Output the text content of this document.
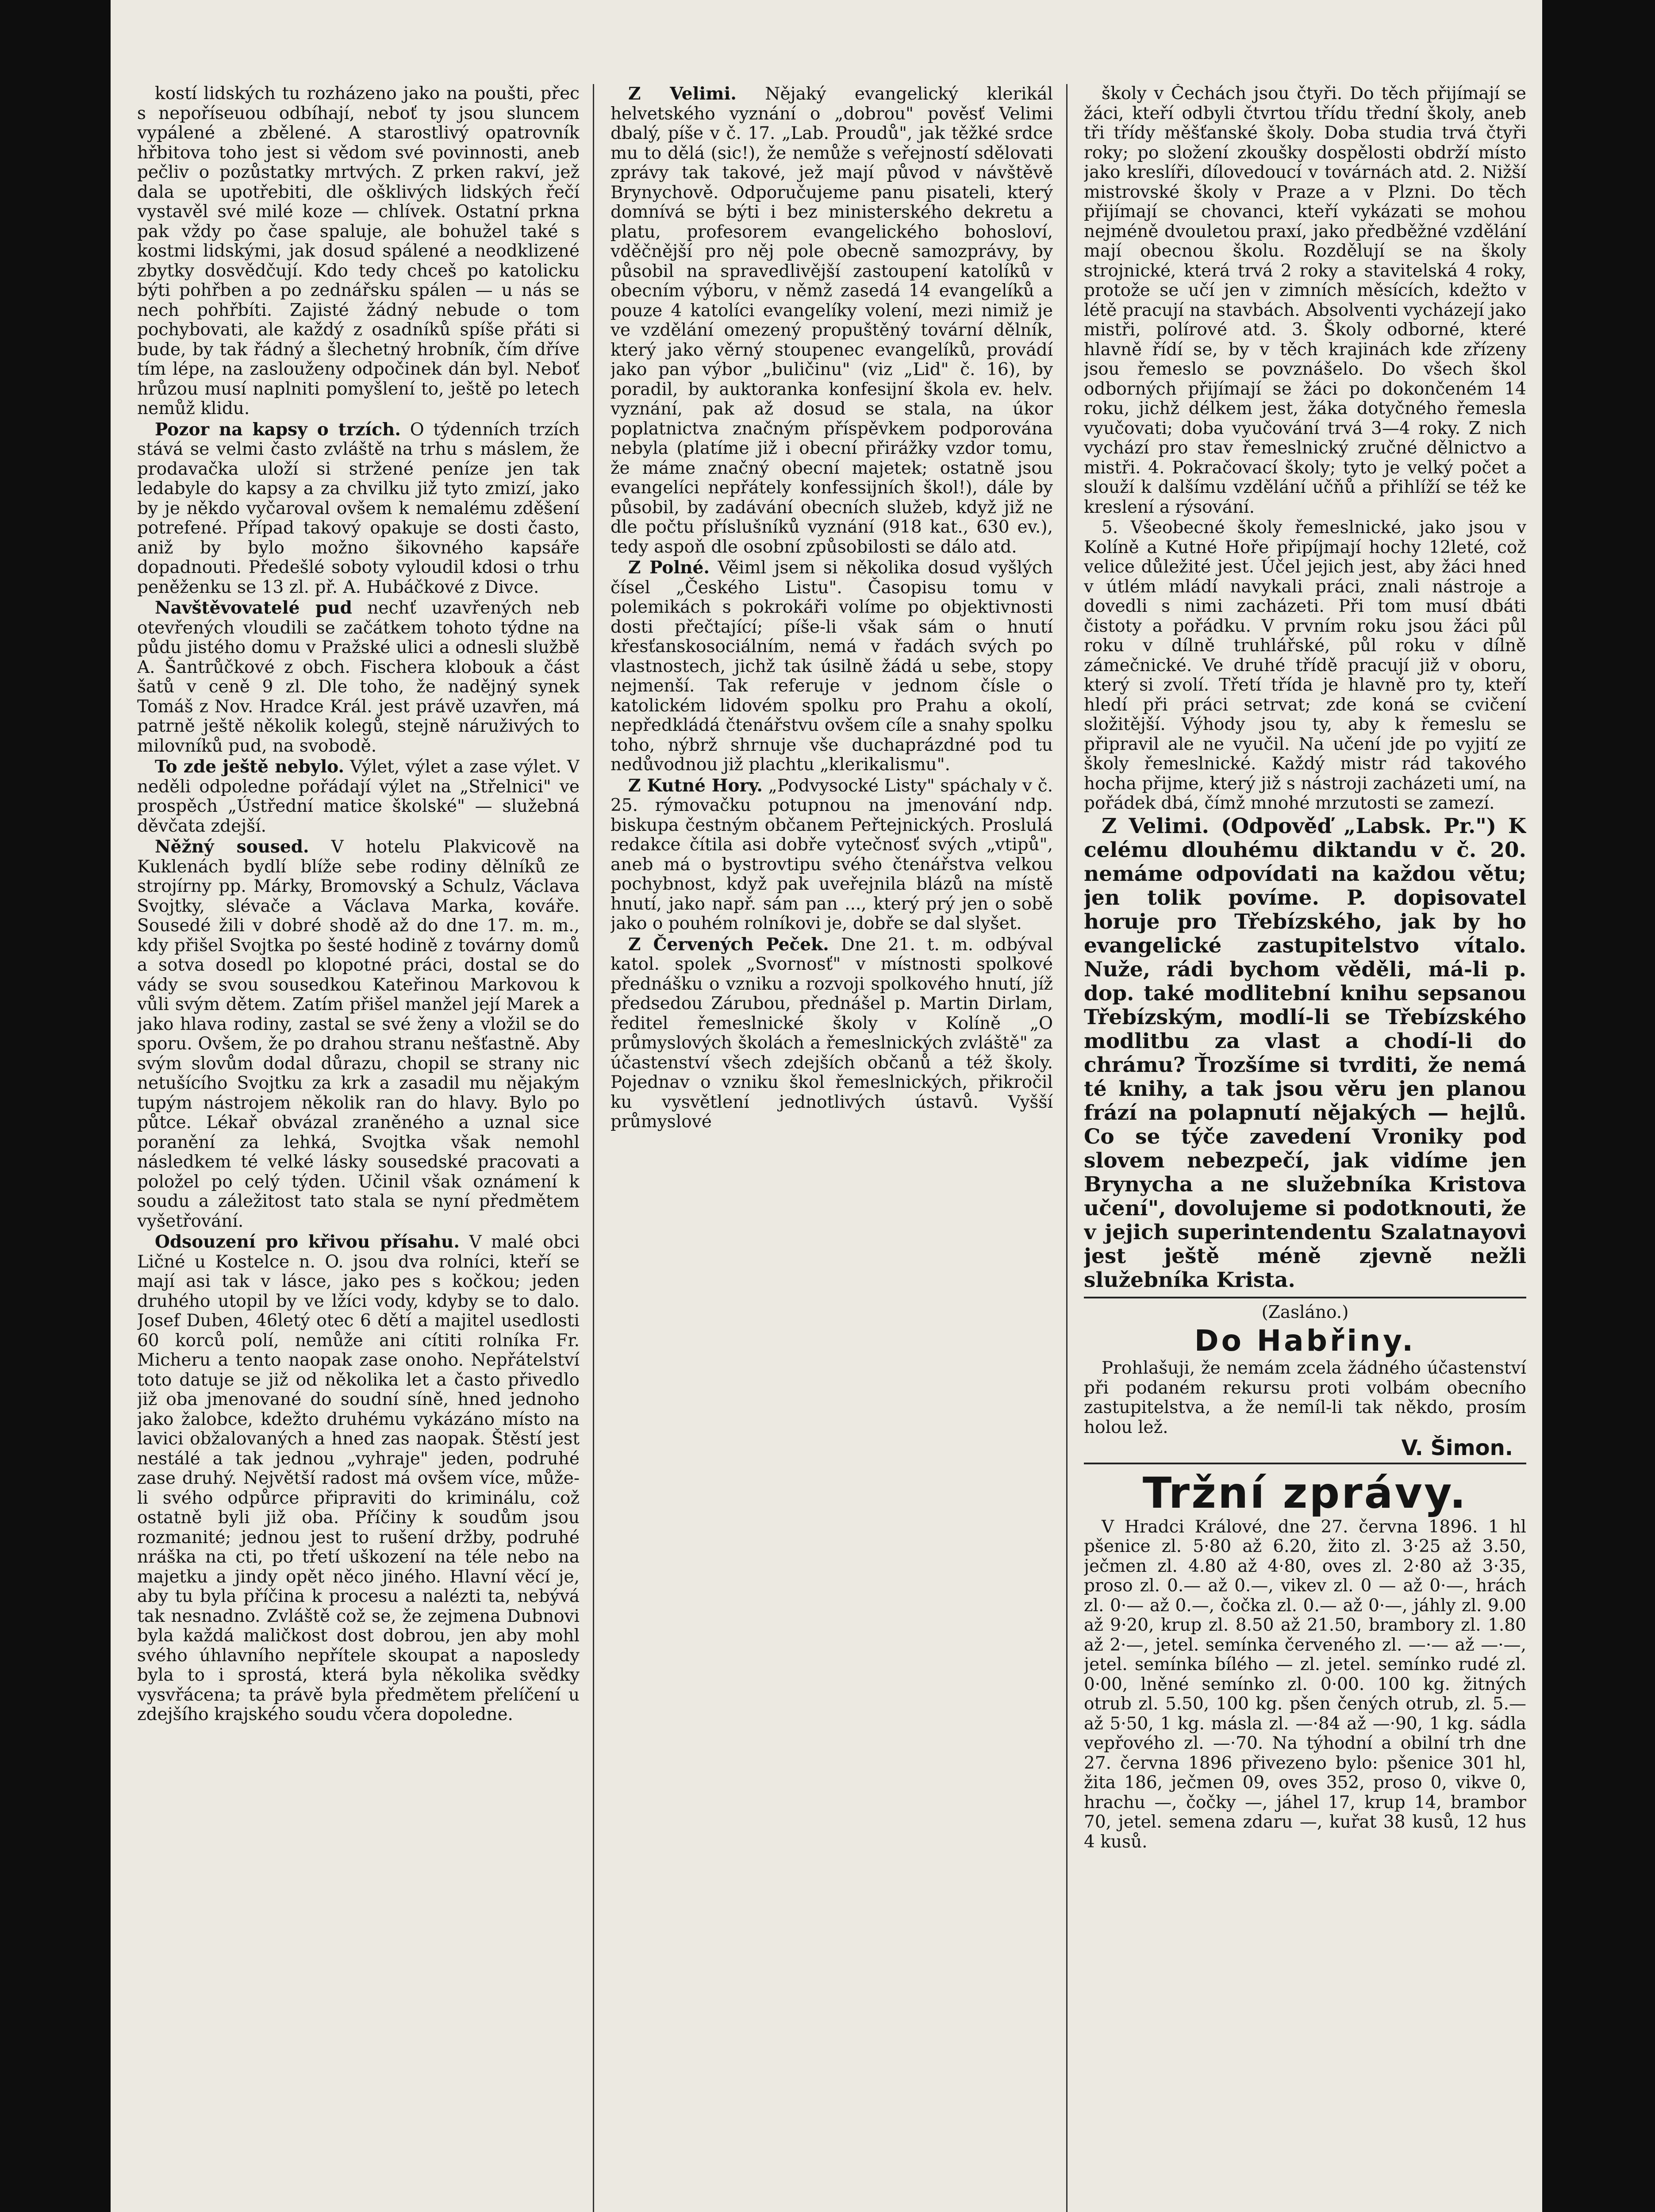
kostí lidských tu rozházeno jako na poušti, přec s nepoříseuou odbíhají, neboť ty jsou sluncem vypálené a zbělené. A starostlivý opatrovník hřbitova toho jest si vědom své povinnosti, aneb pečliv o pozůstatky mrtvých. Z prken rakví, jež dala se upotřebiti, dle ošklivých lidských řečí vystavěl své milé koze — chlívek. Ostatní prkna pak vždy po čase spaluje, ale bohužel také s kostmi lidskými, jak dosud spálené a neodklizené zbytky dosvědčují. Kdo tedy chceš po katolicku býti pohřben a po zednářsku spálen — u nás se nech pohřbíti. Zajisté žádný nebude o tom pochybovati, ale každý z osadníků spíše přáti si bude, by tak řádný a šlechetný hrobník, čím dříve tím lépe, na zaslouženy odpočinek dán byl. Neboť hrůzou musí naplniti pomyšlení to, ještě po letech nemůž klidu.

Pozor na kapsy o trzích. O týdenních trzích stává se velmi často zvláště na trhu s máslem, že prodavačka uloží si stržené peníze jen tak ledabyle do kapsy a za chvilku již tyto zmizí, jako by je někdo vyčaroval ovšem k nemalému zděšení potrefené. Případ takový opakuje se dosti často, aniž by bylo možno šikovného kapsáře dopadnouti. Předešlé soboty vyloudil kdosi o trhu peněženku se 13 zl. př. A. Hubáčkové z Divce.

Navštěvovatelé pud nechť uzavřených neb otevřených vloudili se začátkem tohoto týdne na půdu jistého domu v Pražské ulici a odnesli službě A. Šantrůčkové z obch. Fischera klobouk a část šatů v ceně 9 zl. Dle toho, že nadějný synek Tomáš z Nov. Hradce Král. jest právě uzavřen, má patrně ještě několik kolegů, stejně náruživých to milovníků pud, na svobodě.

To zde ještě nebylo. Výlet, výlet a zase výlet. V neděli odpoledne pořádají výlet na „Střelnici" ve prospěch „Ústřední matice školské" — služebná děvčata zdejší.

Něžný soused. V hotelu Plakvicově na Kuklenách bydlí blíže sebe rodiny dělníků ze strojírny pp. Márky, Bromovský a Schulz, Václava Svojtky, slévače a Václava Marka, kováře. Sousedé žili v dobré shodě až do dne 17. m. m., kdy přišel Svojtka po šesté hodině z továrny domů a sotva dosedl po klopotné práci, dostal se do vády se svou sousedkou Kateřinou Markovou k vůli svým dětem. Zatím přišel manžel její Marek a jako hlava rodiny, zastal se své ženy a vložil se do sporu. Ovšem, že po drahou stranu nešťastně. Aby svým slovům dodal důrazu, chopil se strany nic netušícího Svojtku za krk a zasadil mu nějakým tupým nástrojem několik ran do hlavy. Bylo po půtce. Lékař obvázal zraněného a uznal sice poranění za lehká, Svojtka však nemohl následkem té velké lásky sousedské pracovati a položel po celý týden. Učinil však oznámení k soudu a záležitost tato stala se nyní předmětem vyšetřování.

Odsouzení pro křivou přísahu. V malé obci Ličné u Kostelce n. O. jsou dva rolníci, kteří se mají asi tak v lásce, jako pes s kočkou; jeden druhého utopil by ve lžíci vody, kdyby se to dalo. Josef Duben, 46letý otec 6 dětí a majitel usedlosti 60 korců polí, nemůže ani cítiti rolníka Fr. Micheru a tento naopak zase onoho. Nepřátelství toto datuje se již od několika let a často přivedlo již oba jmenované do soudní síně, hned jednoho jako žalobce, kdežto druhému vykázáno místo na lavici obžalovaných a hned zas naopak. Štěstí jest nestálé a tak jednou „vyhraje" jeden, podruhé zase druhý. Největší radost má ovšem více, může-li svého odpůrce připraviti do kriminálu, což ostatně byli již oba. Příčiny k soudům jsou rozmanité; jednou jest to rušení držby, podruhé nráška na cti, po třetí uškození na téle nebo na majetku a jindy opět něco jiného. Hlavní věcí je, aby tu byla příčina k procesu a nalézti ta, nebývá tak nesnadno. Zvláště což se, že zejmena Dubnovi byla každá maličkost dost dobrou, jen aby mohl svého úhlavního nepřítele skoupat a naposledy byla to i sprostá, která byla několika svědky vysvřácena; ta právě byla předmětem přelíčení u zdejšího krajského soudu včera dopoledne.

Z Velimi. Nějaký evangelický klerikál helvetského vyznání o „dobrou" pověsť Velimi dbalý, píše v č. 17. „Lab. Proudů", jak těžké srdce mu to dělá (sic!), že nemůže s veřejností sdělovati zprávy tak takové, jež mají původ v návštěvě Brynychově. Odporučujeme panu pisateli, který domnívá se býti i bez ministerského dekretu a platu, profesorem evangelického bohosloví, vděčnější pro něj pole obecně samozprávy, by působil na spravedlivější zastoupení katolíků v obecním výboru, v němž zasedá 14 evangelíků a pouze 4 katolíci evangelíky volení, mezi nimiž je ve vzdělání omezený propuštěný tovární dělník, který jako věrný stoupenec evangelíků, provádí jako pan výbor „buličinu" (viz „Lid" č. 16), by poradil, by auktoranka konfesijní škola ev. helv. vyznání, pak až dosud se stala, na úkor poplatnictva značným příspěvkem podporována nebyla (platíme již i obecní přirážky vzdor tomu, že máme značný obecní majetek; ostatně jsou evangelíci nepřátely konfessijních škol!), dále by působil, by zadávání obecních služeb, když již ne dle počtu příslušníků vyznání (918 kat., 630 ev.), tedy aspoň dle osobní způsobilosti se dálo atd.

Z Polné. Věiml jsem si několika dosud vyšlých čísel „Českého Listu". Časopisu tomu v polemikách s pokrokáři volíme po objektivnosti dosti přečtající; píše-li však sám o hnutí křesťanskosociálním, nemá v řadách svých po vlastnostech, jichž tak úsilně žádá u sebe, stopy nejmenší. Tak referuje v jednom čísle o katolickém lidovém spolku pro Prahu a okolí, nepředkládá čtenářstvu ovšem cíle a snahy spolku toho, nýbrž shrnuje vše duchaprázdné pod tu nedůvodnou již plachtu „klerikalismu".

Z Kutné Hory. „Podvysocké Listy" spáchaly v č. 25. rýmovačku potupnou na jmenování ndp. biskupa čestným občanem Peřtejnických. Proslulá redakce čítila asi dobře vytečnosť svých „vtipů", aneb má o bystrovtipu svého čtenářstva velkou pochybnost, když pak uveřejnila blázů na místě hnutí, jako např. sám pan ..., který prý jen o sobě jako o pouhém rolníkovi je, dobře se dal slyšet.

Z Červených Peček. Dne 21. t. m. odbýval katol. spolek „Svornosť" v místnosti spolkové přednášku o vzniku a rozvoji spolkového hnutí, jíž předsedou Zárubou, přednášel p. Martin Dirlam, ředitel řemeslnické školy v Kolíně „O průmyslových školách a řemeslnických zvláště" za účastenství všech zdejších občanů a též školy. Pojednav o vzniku škol řemeslnických, přikročil ku vysvětlení jednotlivých ústavů. Vyšší průmyslové

školy v Čechách jsou čtyři. Do těch přijímají se žáci, kteří odbyli čtvrtou třídu třední školy, aneb tři třídy měšťanské školy. Doba studia trvá čtyři roky; po složení zkoušky dospělosti obdrží místo jako kreslíři, dílovedoucí v továrnách atd. 2. Nižší mistrovské školy v Praze a v Plzni. Do těch přijímají se chovanci, kteří vykázati se mohou nejméně dvouletou praxí, jako předběžné vzdělání mají obecnou školu. Rozdělují se na školy strojnické, která trvá 2 roky a stavitelská 4 roky, protože se učí jen v zimních měsících, kdežto v létě pracují na stavbách. Absolventi vycházejí jako mistři, polírové atd. 3. Školy odborné, které hlavně řídí se, by v těch krajinách kde zřízeny jsou řemeslo se povznášelo. Do všech škol odborných přijímají se žáci po dokončeném 14 roku, jichž délkem jest, žáka dotyčného řemesla vyučovati; doba vyučování trvá 3—4 roky. Z nich vychází pro stav řemeslnický zručné dělnictvo a mistři. 4. Pokračovací školy; tyto je velký počet a slouží k dalšímu vzdělání učňů a přihlíží se též ke kreslení a rýsování.

5. Všeobecné školy řemeslnické, jako jsou v Kolíně a Kutné Hoře připíjmají hochy 12leté, což velice důležité jest. Účel jejich jest, aby žáci hned v útlém mládí navykali práci, znali nástroje a dovedli s nimi zacházeti. Při tom musí dbáti čistoty a pořádku. V prvním roku jsou žáci půl roku v dílně truhlářské, půl roku v dílně zámečnické. Ve druhé třídě pracují již v oboru, který si zvolí. Třetí třída je hlavně pro ty, kteří hledí při práci setrvat; zde koná se cvičení složitější. Výhody jsou ty, aby k řemeslu se připravil ale ne vyučil. Na učení jde po vyjití ze školy řemeslnické. Každý mistr rád takového hocha přijme, který již s nástroji zacházeti umí, na pořádek dbá, čímž mnohé mrzutosti se zamezí.

Z Velimi. (Odpověď „Labsk. Pr.") K celému dlouhému diktandu v č. 20. nemáme odpovídati na každou větu; jen tolik povíme. P. dopisovatel horuje pro Třebízského, jak by ho evangelické zastupitelstvo vítalo. Nuže, rádi bychom věděli, má-li p. dop. také modlitební knihu sepsanou Třebízským, modlí-li se Třebízského modlitbu za vlast a chodí-li do chrámu? Ťrozšíme si tvrditi, že nemá té knihy, a tak jsou věru jen planou frází na polapnutí nějakých — hejlů. Co se týče zavedení Vroniky pod slovem nebezpečí, jak vidíme jen Brynycha a ne služebníka Kristova učení", dovolujeme si podotknouti, že v jejich superintendentu Szalatnayovi jest ještě méně zjevně nežli služebníka Krista.

(Zasláno.)

Do Habřiny.

Prohlašuji, že nemám zcela žádného účastenství při podaném rekursu proti volbám obecního zastupitelstva, a že nemíl-li tak někdo, prosím holou lež.

V. Šimon.
Tržní zprávy.

V Hradci Králové, dne 27. června 1896. 1 hl pšenice zl. 5·80 až 6.20, žito zl. 3·25 až 3.50, ječmen zl. 4.80 až 4·80, oves zl. 2·80 až 3·35, proso zl. 0.— až 0.—, vikev zl. 0 — až 0·—, hrách zl. 0·— až 0.—, čočka zl. 0.— až 0·—, jáhly zl. 9.00 až 9·20, krup zl. 8.50 až 21.50, brambory zl. 1.80 až 2·—, jetel. semínka červeného zl. —·— až —·—, jetel. semínka bílého — zl. jetel. semínko rudé zl. 0·00, lněné semínko zl. 0·00. 100 kg. žitných otrub zl. 5.50, 100 kg. pšen čených otrub, zl. 5.— až 5·50, 1 kg. másla zl. —·84 až —·90, 1 kg. sádla vepřového zl. —·70. Na týhodní a obilní trh dne 27. června 1896 přivezeno bylo: pšenice 301 hl, žita 186, ječmen 09, oves 352, proso 0, vikve 0, hrachu —, čočky —, jáhel 17, krup 14, brambor 70, jetel. semena zdaru —, kuřat 38 kusů, 12 hus 4 kusů.
